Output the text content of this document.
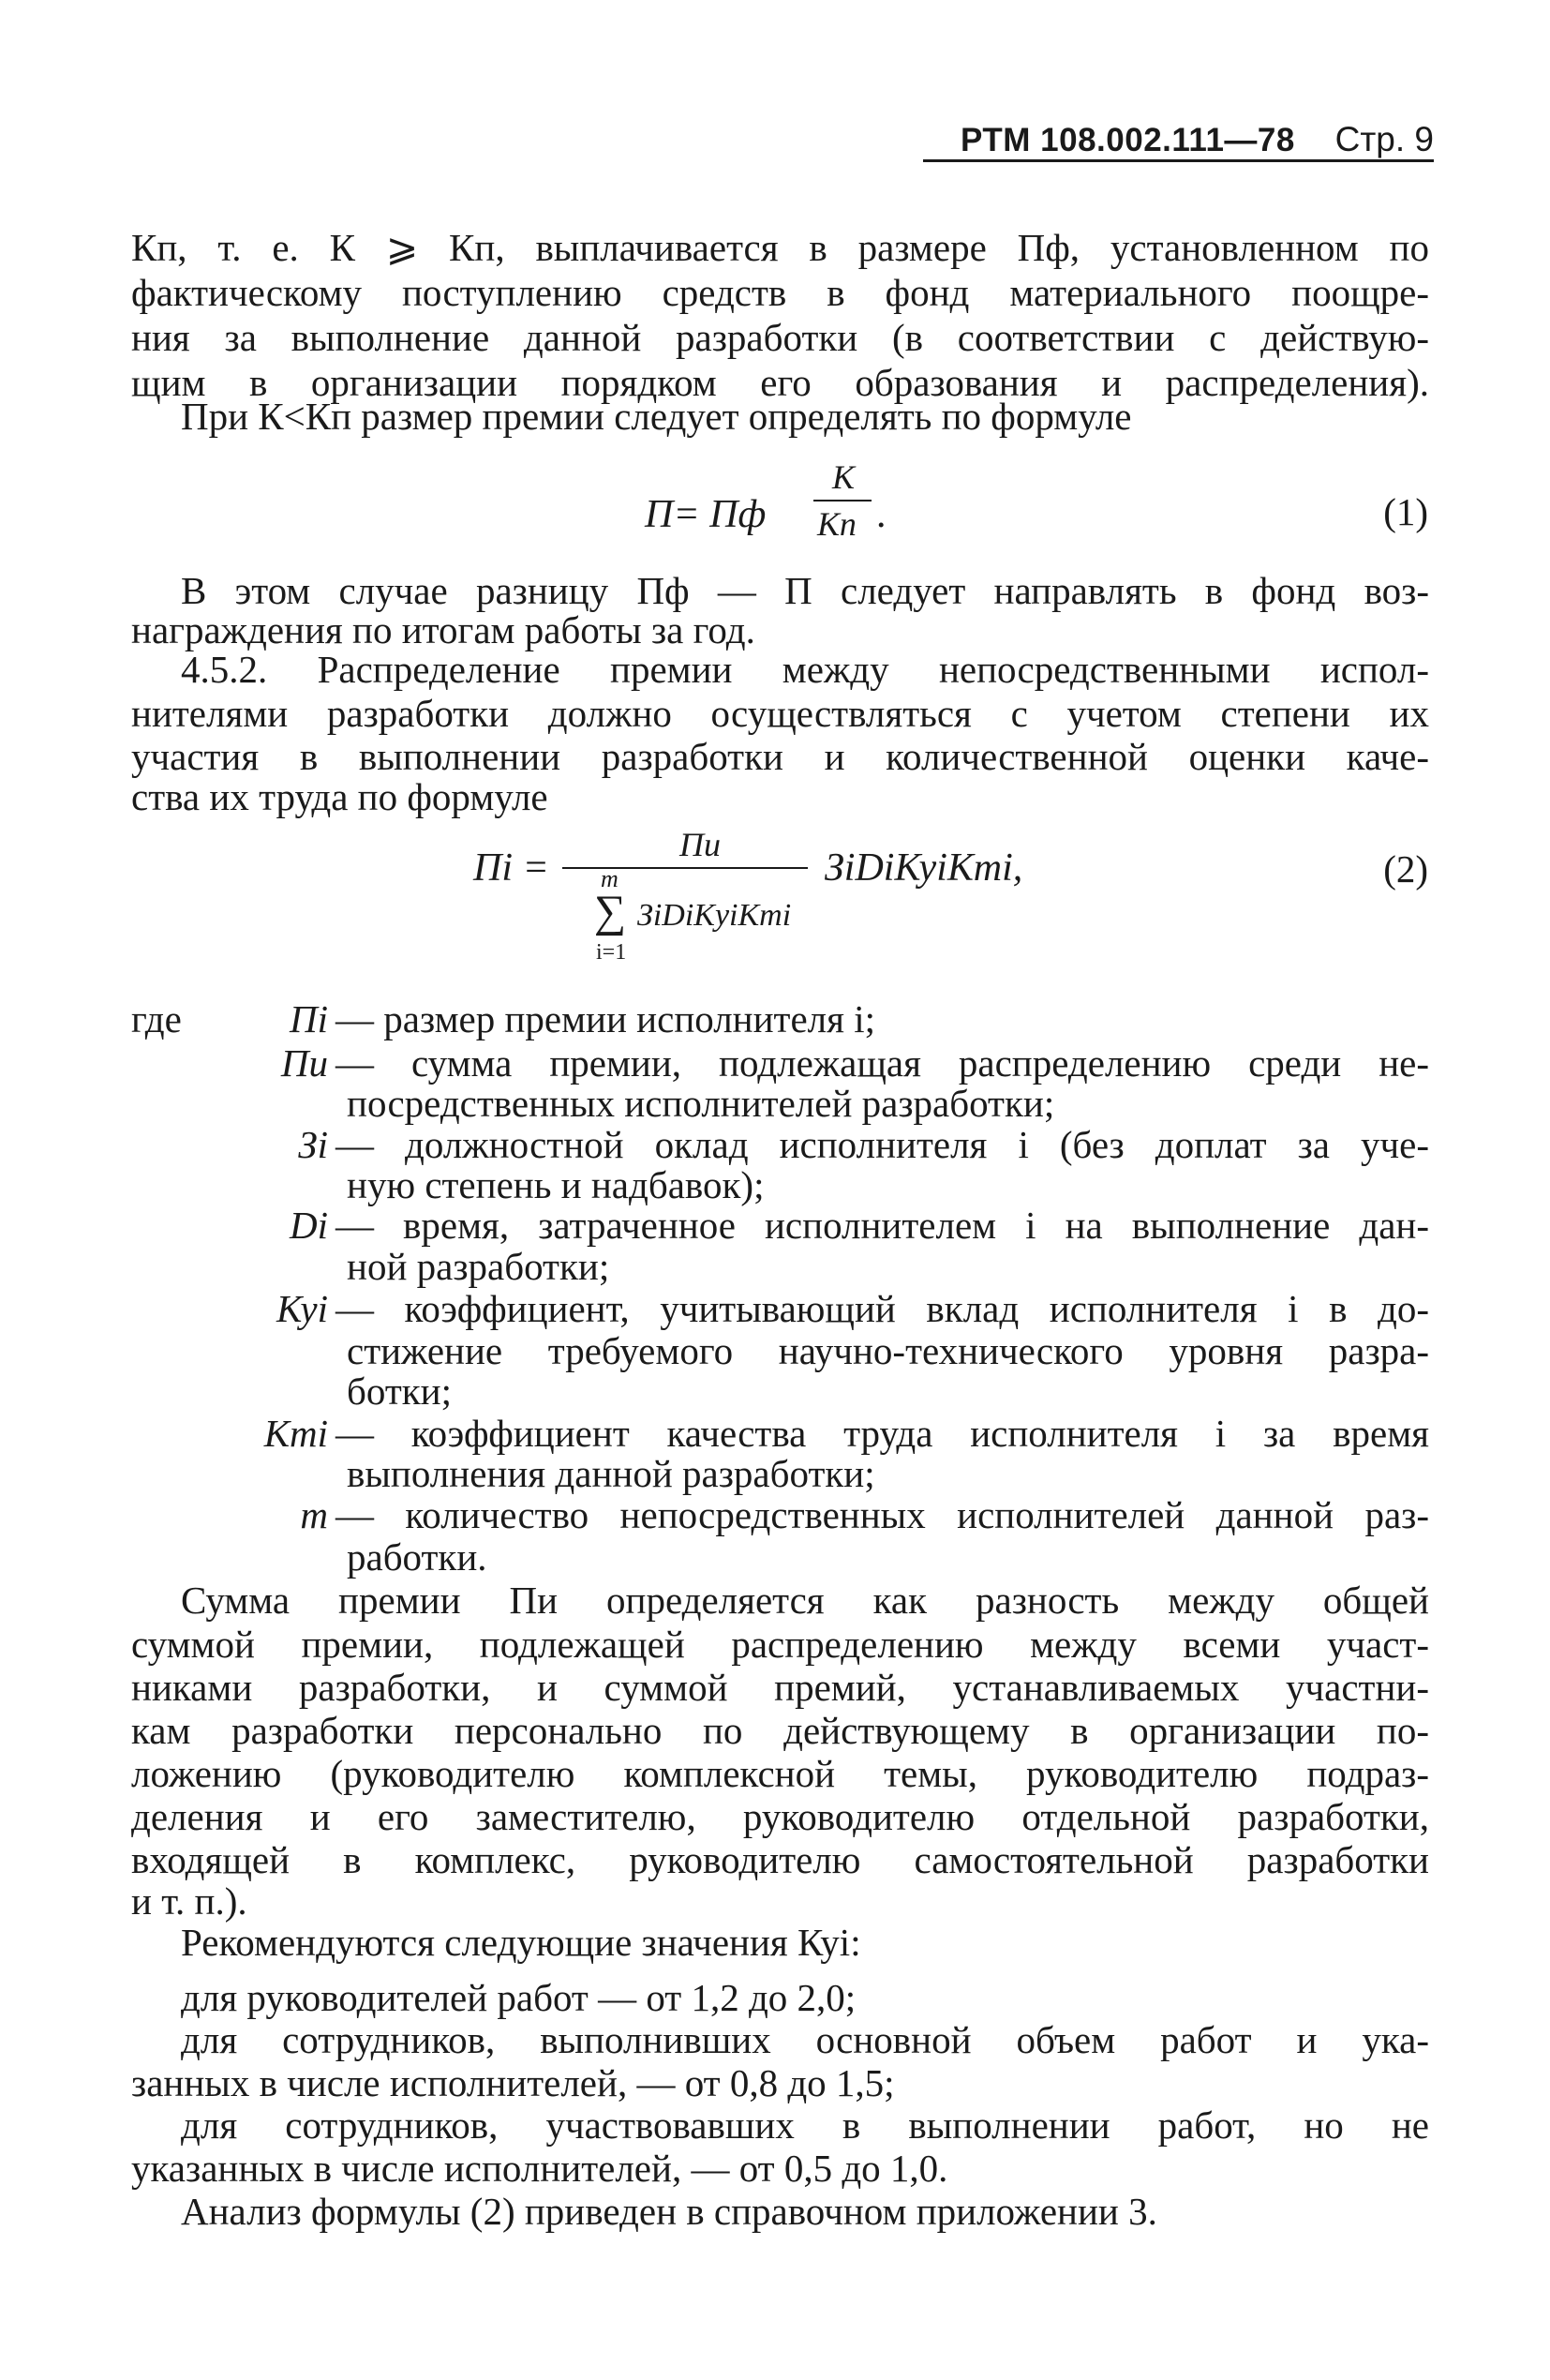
РТМ 108.002.111—78 Стр. 9
Кп, т. е. К ⩾ Кп, выплачивается в размере Пф, установленном по
фактическому поступлению средств в фонд материального поощре-
ния за выполнение данной разработки (в соответствии с действую-
щим в организации порядком его образования и распределения).
При К<Кп размер премии следует определять по формуле
П= Пф
К
Кп .	(1)
В этом случае разницу Пф — П следует направлять в фонд воз-
награждения по итогам работы за год.
4.5.2. Распределение премии между непосредственными испол-
нителями разработки должно осуществляться с учетом степени их
участия в выполнении разработки и количественной оценки каче-
ства их труда по формуле
Пi =
Пи
m
∑ ЗiDiKyiKтi
i=1
ЗiDiКуiКтi,	(2)
где	Пi — размер премии исполнителя i;
Пи — сумма премии, подлежащая распределению среди не-
посредственных исполнителей разработки;
Зi — должностной оклад исполнителя i (без доплат за уче-
ную степень и надбавок);
Di — время, затраченное исполнителем i на выполнение дан-
ной разработки;
Куi — коэффициент, учитывающий вклад исполнителя i в до-
стижение требуемого научно-технического уровня разра-
ботки;
Ктi — коэффициент качества труда исполнителя i за время
выполнения данной разработки;
m — количество непосредственных исполнителей данной раз-
работки.
Сумма премии Пи определяется как разность между общей
суммой премии, подлежащей распределению между всеми участ-
никами разработки, и суммой премий, устанавливаемых участни-
кам разработки персонально по действующему в организации по-
ложению (руководителю комплексной темы, руководителю подраз-
деления и его заместителю, руководителю отдельной разработки,
входящей в комплекс, руководителю самостоятельной разработки
и т. п.).
Рекомендуются следующие значения Куi:
для руководителей работ — от 1,2 до 2,0;
для сотрудников, выполнивших основной объем работ и ука-
занных в числе исполнителей, — от 0,8 до 1,5;
для сотрудников, участвовавших в выполнении работ, но не
указанных в числе исполнителей, — от 0,5 до 1,0.
Анализ формулы (2) приведен в справочном приложении 3.
